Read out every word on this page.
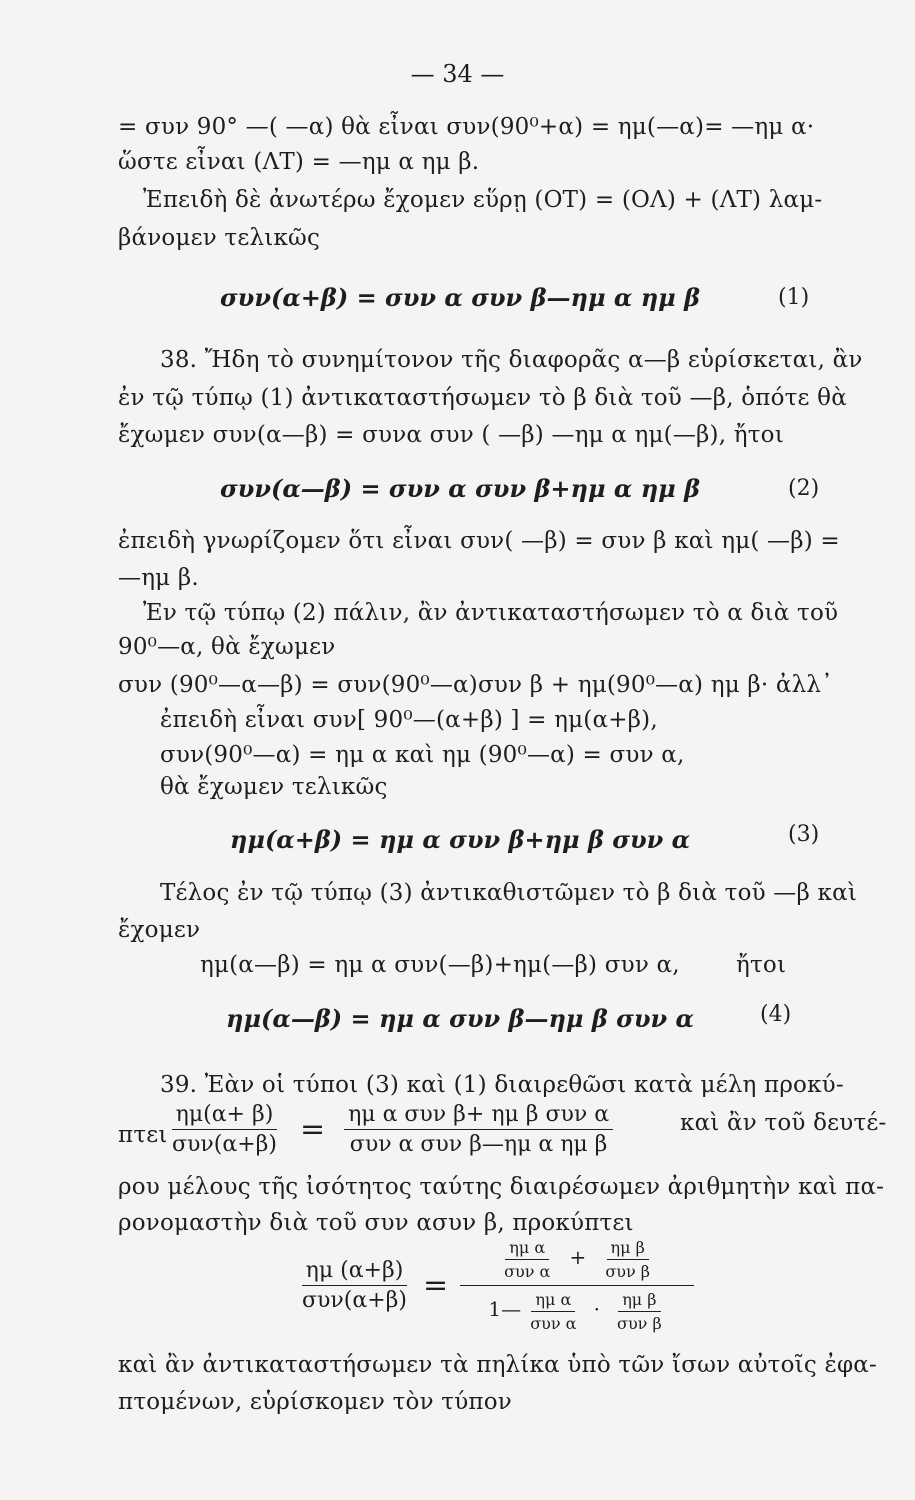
— 34 —
= συν 90° —( —α) θὰ εἶναι συν(90⁰+α) = ημ(—α)= —ημ α·
ὥστε εἶναι (ΛΤ) = —ημ α ημ β.
Ἐπειδὴ δὲ ἀνωτέρω ἔχομεν εὕρῃ (ΟΤ) = (ΟΛ) + (ΛΤ) λαμ-
βάνομεν τελικῶς
συν(α+β) = συν α συν β—ημ α ημ β	(1)
38. Ἤδη τὸ συνημίτονον τῆς διαφορᾶς α—β εὑρίσκεται, ἂν
ἐν τῷ τύπῳ (1) ἀντικαταστήσωμεν τὸ β διὰ τοῦ —β, ὁπότε θὰ
ἔχωμεν συν(α—β) = συνα συν ( —β) —ημ α ημ(—β), ἤτοι
συν(α—β) = συν α συν β+ημ α ημ β	(2)
ἐπειδὴ γνωρίζομεν ὅτι εἶναι συν( —β) = συν β καὶ ημ( —β) =
—ημ β.
Ἐν τῷ τύπῳ (2) πάλιν, ἂν ἀντικαταστήσωμεν τὸ α διὰ τοῦ
90⁰—α, θὰ ἔχωμεν
συν (90⁰—α—β) = συν(90⁰—α)συν β + ημ(90⁰—α) ημ β· ἀλλ᾽
ἐπειδὴ εἶναι συν[ 90⁰—(α+β) ] = ημ(α+β),
συν(90⁰—α) = ημ α καὶ ημ (90⁰—α) = συν α,
θὰ ἔχωμεν τελικῶς
ημ(α+β) = ημ α συν β+ημ β συν α	(3)
Τέλος ἐν τῷ τύπῳ (3) ἀντικαθιστῶμεν τὸ β διὰ τοῦ —β καὶ
ἔχομεν
ημ(α—β) = ημ α συν(—β)+ημ(—β) συν α, ἤτοι
ημ(α—β) = ημ α συν β—ημ β συν α	(4)
39. Ἐὰν οἱ τύποι (3) καὶ (1) διαιρεθῶσι κατὰ μέλη προκύ-
πτει $\frac{\eta\mu(\alpha+ \beta)}{\text{συν(α+β)}} = \frac{\text{ημ α συν β+ ημ β συν α}}{\text{συν α συν β—ημ α ημ β}}$	καὶ ἂν τοῦ δευτέ-
ρου μέλους τῆς ἰσότητος ταύτης διαιρέσωμεν ἀριθμητὴν καὶ πα-
ρονομαστὴν διὰ τοῦ συν ασυν β, προκύπτει
$\frac{\eta\mu (\alpha+\beta)}{\text{συν(α+β)}}$ =
$\frac{\text{ημ α}}{\text{συν α}} + \frac{\text{ημ β}}{\text{συν β}}$
1— $\frac{\text{ημ α}}{\text{συν α}} \cdot \frac{\text{ημ β}}{\text{συν β}}$
καὶ ἂν ἀντικαταστήσωμεν τὰ πηλίκα ὑπὸ τῶν ἴσων αὐτοῖς ἐφα-
πτομένων, εὑρίσκομεν τὸν τύπον
